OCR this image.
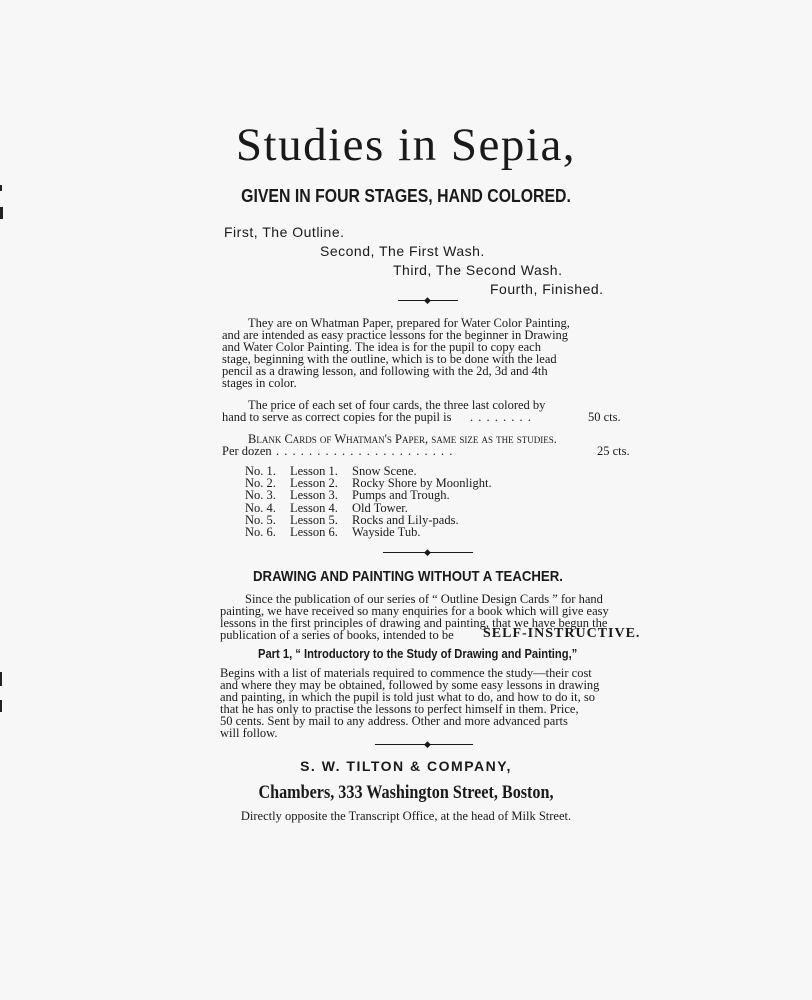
Studies in Sepia,
GIVEN IN FOUR STAGES, HAND COLORED.
First, The Outline.
Second, The First Wash.
Third, The Second Wash.
Fourth, Finished.
◆
They are on Whatman Paper, prepared for Water Color Painting,
and are intended as easy practice lessons for the beginner in Drawing
and Water Color Painting. The idea is for the pupil to copy each
stage, beginning with the outline, which is to be done with the lead
pencil as a drawing lesson, and following with the 2d, 3d and 4th
stages in color.
The price of each set of four cards, the three last colored by
hand to serve as correct copies for the pupil is . . . . . . . .	50 cts.
Blank Cards of Whatman's Paper, same size as the studies.
Per dozen . . . . . . . . . . . . . . . . . . . . . .	25 cts.
No. 1.	Lesson 1.	Snow Scene.
No. 2.	Lesson 2.	Rocky Shore by Moonlight.
No. 3.	Lesson 3.	Pumps and Trough.
No. 4.	Lesson 4.	Old Tower.
No. 5.	Lesson 5.	Rocks and Lily-pads.
No. 6.	Lesson 6.	Wayside Tub.
◆
DRAWING AND PAINTING WITHOUT A TEACHER.
Since the publication of our series of “ Outline Design Cards ” for hand
painting, we have received so many enquiries for a book which will give easy
lessons in the first principles of drawing and painting, that we have begun the
publication of a series of books, intended to be SELF-INSTRUCTIVE.
Part 1, “ Introductory to the Study of Drawing and Painting,”
Begins with a list of materials required to commence the study—their cost
and where they may be obtained, followed by some easy lessons in drawing
and painting, in which the pupil is told just what to do, and how to do it, so
that he has only to practise the lessons to perfect himself in them. Price,
50 cents. Sent by mail to any address. Other and more advanced parts
will follow.
◆
S. W. TILTON & COMPANY,
Chambers, 333 Washington Street, Boston,
Directly opposite the Transcript Office, at the head of Milk Street.
